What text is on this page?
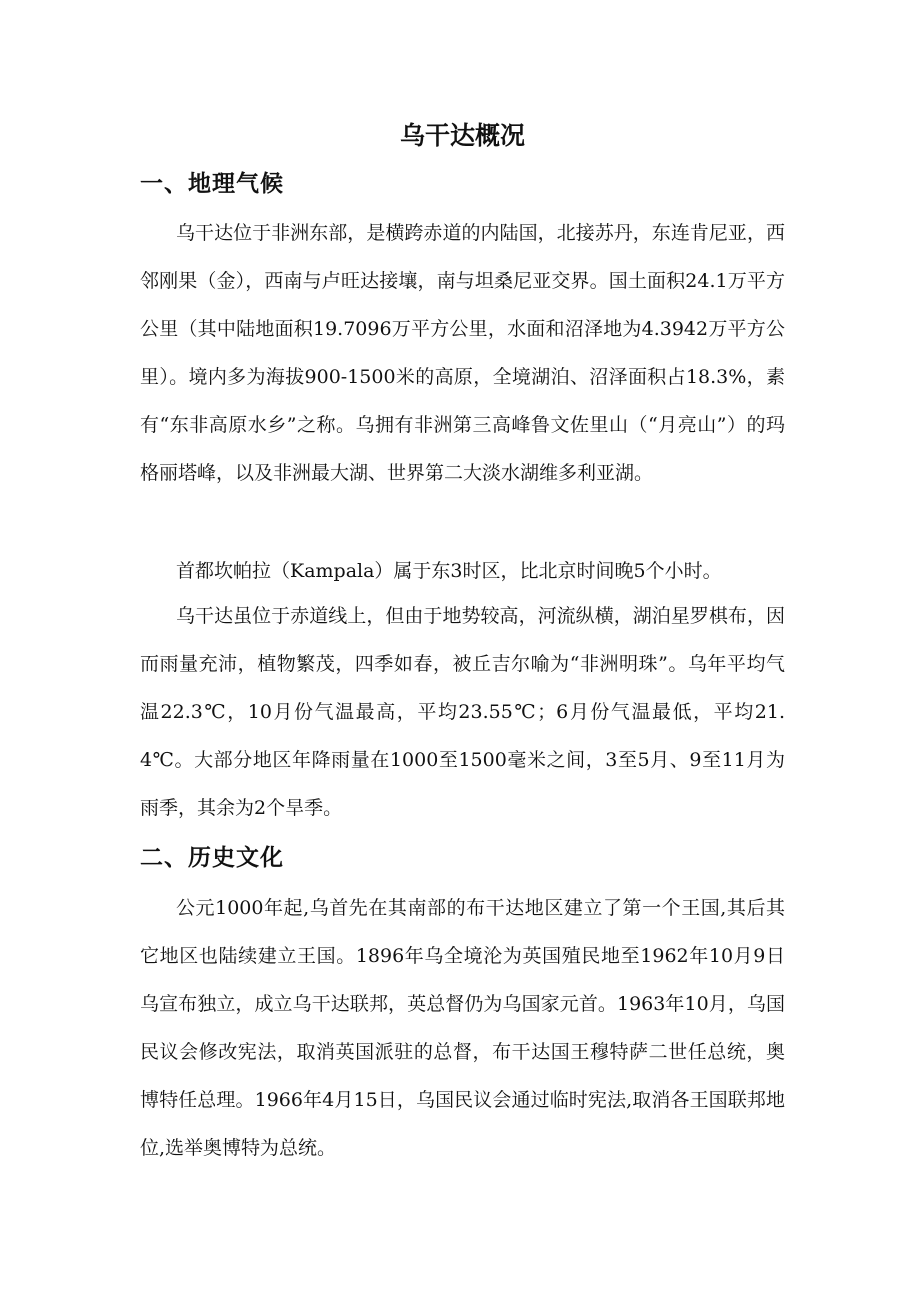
乌干达概况
一、地理气候

乌干达位于非洲东部，是横跨赤道的内陆国，北接苏丹，东连肯尼亚，西邻刚果（金），西南与卢旺达接壤，南与坦桑尼亚交界。国土面积24.1万平方公里（其中陆地面积19.7096万平方公里，水面和沼泽地为4.3942万平方公里）。境内多为海拔900-1500米的高原，全境湖泊、沼泽面积占18.3%，素有“东非高原水乡”之称。乌拥有非洲第三高峰鲁文佐里山（“月亮山”）的玛格丽塔峰，以及非洲最大湖、世界第二大淡水湖维多利亚湖。

首都坎帕拉（Kampala）属于东3时区，比北京时间晚5个小时。

乌干达虽位于赤道线上，但由于地势较高，河流纵横，湖泊星罗棋布，因而雨量充沛，植物繁茂，四季如春，被丘吉尔喻为“非洲明珠”。乌年平均气温22.3℃，10月份气温最高，平均23.55℃；6月份气温最低，平均21.4℃。大部分地区年降雨量在1000至1500毫米之间，3至5月、9至11月为雨季，其余为2个旱季。

二、历史文化

公元1000年起,乌首先在其南部的布干达地区建立了第一个王国,其后其它地区也陆续建立王国。1896年乌全境沦为英国殖民地至1962年10月9日乌宣布独立，成立乌干达联邦，英总督仍为乌国家元首。1963年10月，乌国民议会修改宪法，取消英国派驻的总督，布干达国王穆特萨二世任总统，奥博特任总理。1966年4月15日，乌国民议会通过临时宪法,取消各王国联邦地位,选举奥博特为总统。
